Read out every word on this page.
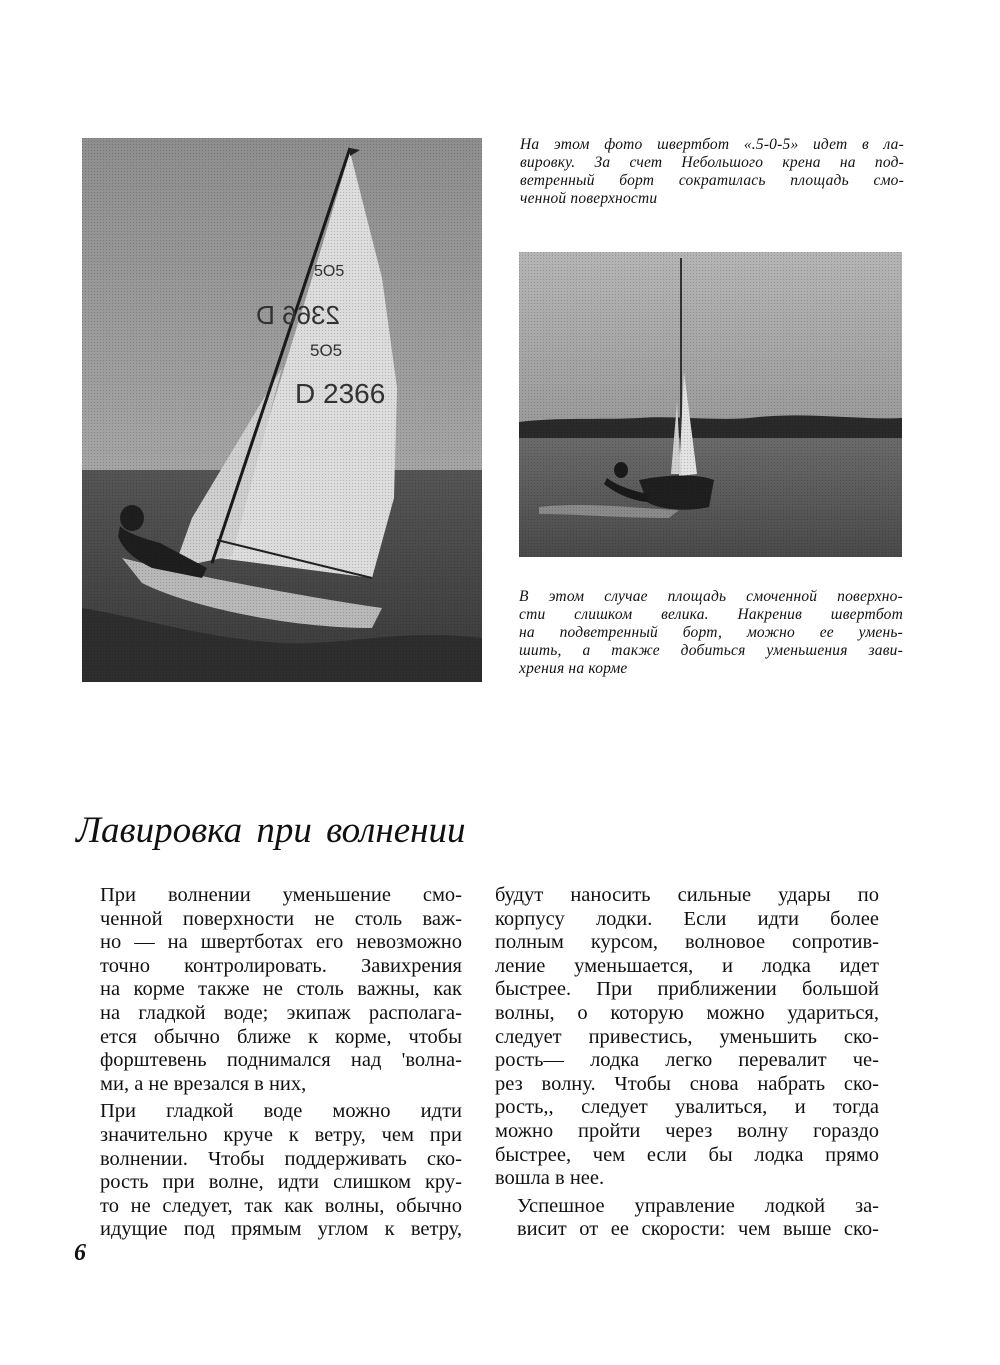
На этом фото швертбот «.5-0-5» идет в ла-
вировку. За счет Небольшого крена на под-
ветренный борт сократилась площадь смо-
ченной поверхности
В этом случае площадь смоченной поверхно-
сти слишком велика. Накренив швертбот
на подветренный борт, можно ее умень-
шить, а также добиться уменьшения зави-
хрения на корме
Лавировка при волнении

При волнении уменьшение смо-
ченной поверхности не столь важ-
но — на швертботах его невозможно
точно контролировать. Завихрения
на корме также не столь важны, как
на гладкой воде; экипаж располага-
ется обычно ближе к корме, чтобы
форштевень поднимался над 'волна-
ми, а не врезался в них,

При гладкой воде можно идти
значительно круче к ветру, чем при
волнении. Чтобы поддерживать ско-
рость при волне, идти слишком кру-
то не следует, так как волны, обычно
идущие под прямым углом к ветру,

будут наносить сильные удары по
корпусу лодки. Если идти более
полным курсом, волновое сопротив-
ление уменьшается, и лодка идет
быстрее. При приближении большой
волны, о которую можно удариться,
следует привестись, уменьшить ско-
рость— лодка легко перевалит че-
рез волну. Чтобы снова набрать ско-
рость,, следует увалиться, и тогда
можно пройти через волну гораздо
быстрее, чем если бы лодка прямо
вошла в нее.

Успешное управление лодкой за-
висит от ее скорости: чем выше ско-

6
